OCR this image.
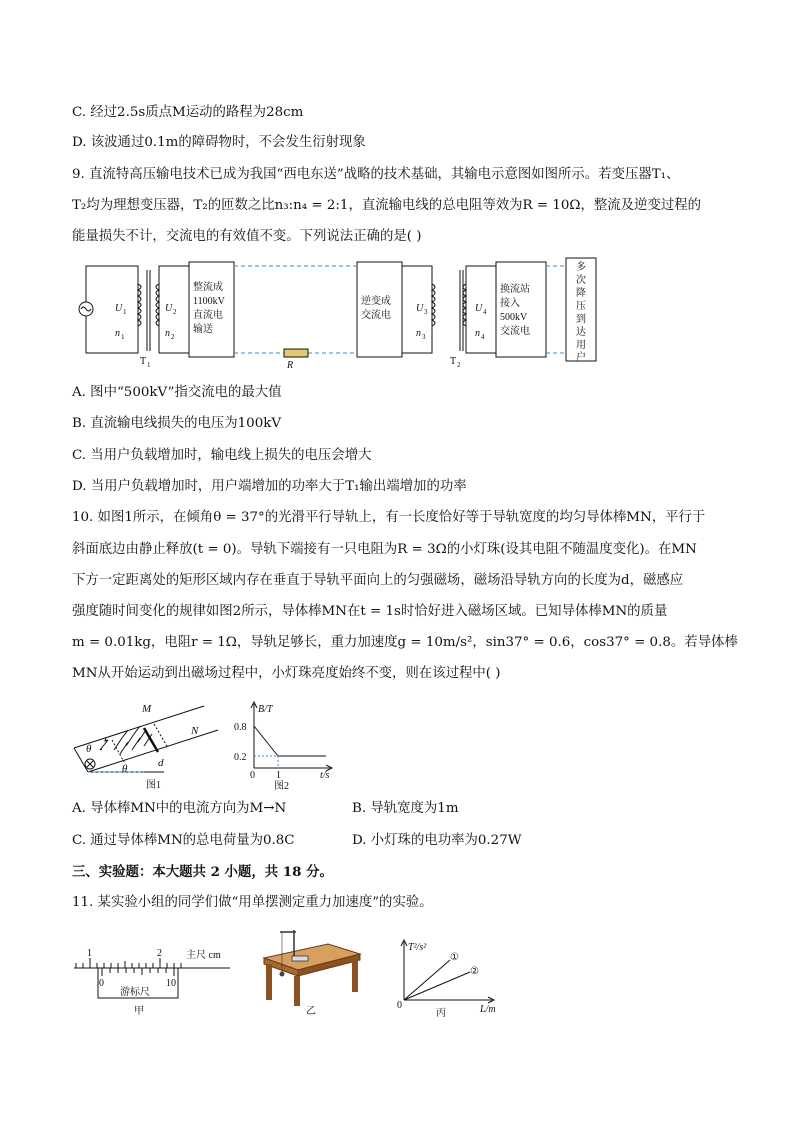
C. 经过2.5s质点M运动的路程为28cm
D. 该波通过0.1m的障碍物时，不会发生衍射现象
9. 直流特高压输电技术已成为我国“西电东送”战略的技术基础，其输电示意图如图所示。若变压器T₁、
T₂均为理想变压器，T₂的匝数之比n₃:n₄ = 2:1，直流输电线的总电阻等效为R = 10Ω，整流及逆变过程的
能量损失不计，交流电的有效值不变。下列说法正确的是( )
R
U 1
n 1
U 2
n 2
T 1
整流成
1100kV
直流电
输送
逆变成
交流电
U 3
n 3
T 2
U 4
n 4
换流站
接入
500kV
交流电
多
次
降
压
到
达
用
户
A. 图中“500kV”指交流电的最大值
B. 直流输电线损失的电压为100kV
C. 当用户负载增加时，输电线上损失的电压会增大
D. 当用户负载增加时，用户端增加的功率大于T₁输出端增加的功率
10. 如图1所示，在倾角θ = 37°的光滑平行导轨上，有一长度恰好等于导轨宽度的均匀导体棒MN，平行于
斜面底边由静止释放(t = 0)。导轨下端接有一只电阻为R = 3Ω的小灯珠(设其电阻不随温度变化)。在MN
下方一定距离处的矩形区域内存在垂直于导轨平面向上的匀强磁场，磁场沿导轨方向的长度为d，磁感应
强度随时间变化的规律如图2所示，导体棒MN在t = 1s时恰好进入磁场区域。已知导体棒MN的质量
m = 0.01kg，电阻r = 1Ω，导轨足够长，重力加速度g = 10m/s²，sin37° = 0.6，cos37° = 0.8。若导体棒
MN从开始运动到出磁场过程中，小灯珠亮度始终不变，则在该过程中( )
M
N
θ
θ	d
图1
B/T
t/s
0.8
0.2
0 1
图2
A. 导体棒MN中的电流方向为M→N	B. 导轨宽度为1m
C. 通过导体棒MN的总电荷量为0.8C	D. 小灯珠的电功率为0.27W
三、实验题：本大题共 2 小题，共 18 分。
11. 某实验小组的同学们做“用单摆测定重力加速度”的实验。
1	2 主尺 cm
0	10
游标尺
甲	乙
T²/s²
L/m
0
①
②
丙
